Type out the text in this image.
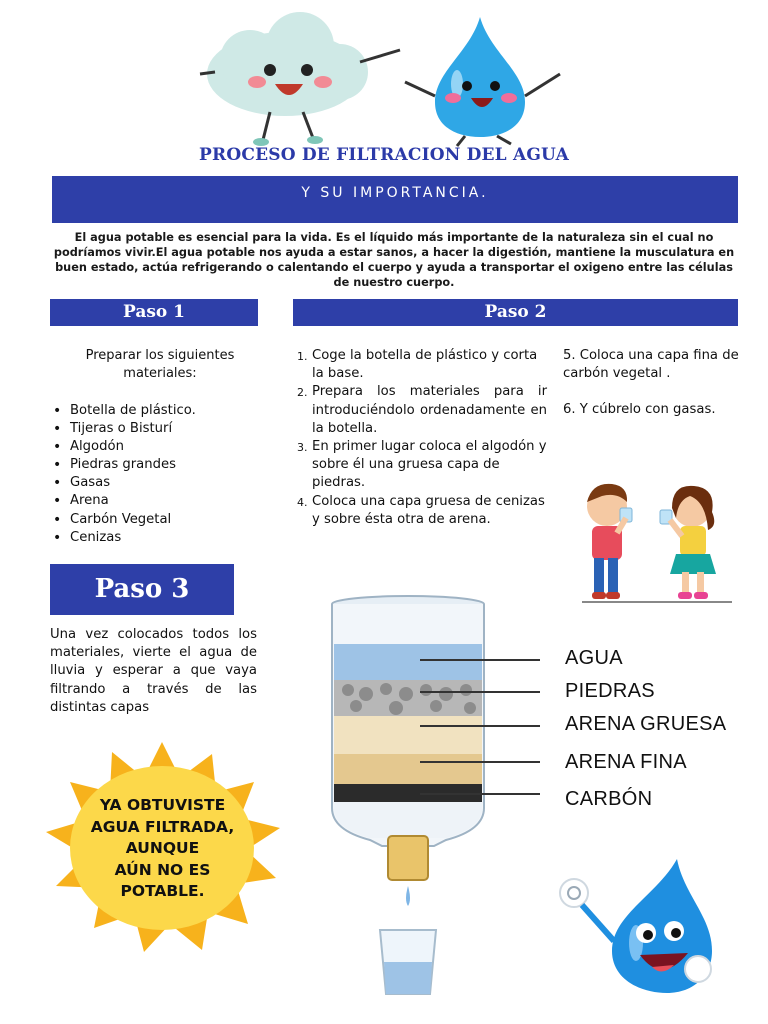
PROCESO DE FILTRACION DEL AGUA
Y SU IMPORTANCIA.
El agua potable es esencial para la vida. Es el líquido más importante de la naturaleza sin el cual no podríamos vivir.El agua potable nos ayuda a estar sanos, a hacer la digestión, mantiene la musculatura en buen estado, actúa refrigerando o calentando el cuerpo y ayuda a transportar el oxigeno entre las células de nuestro cuerpo.
Paso 1
Preparar los siguientes materiales:
• Botella de plástico.
• Tijeras o Bisturí
• Algodón
• Piedras grandes
• Gasas
• Arena
• Carbón Vegetal
• Cenizas
Paso 2
1. Coge la botella de plástico y corta la base.
2. Prepara los materiales para ir introduciéndolo ordenadamente en la botella.
3. En primer lugar coloca el algodón y sobre él una gruesa capa de piedras.
4. Coloca una capa gruesa de cenizas y sobre ésta otra de arena.

5. Coloca una capa fina de carbón vegetal .

6. Y cúbrelo con gasas.

Paso 3
Una vez colocados todos los materiales, vierte el agua de lluvia y esperar a que vaya filtrando a través de las distintas capas
YA OBTUVISTE
AGUA FILTRADA,
AUNQUE
AÚN NO ES
POTABLE.
AGUA
PIEDRAS
ARENA GRUESA
ARENA FINA
CARBÓN
